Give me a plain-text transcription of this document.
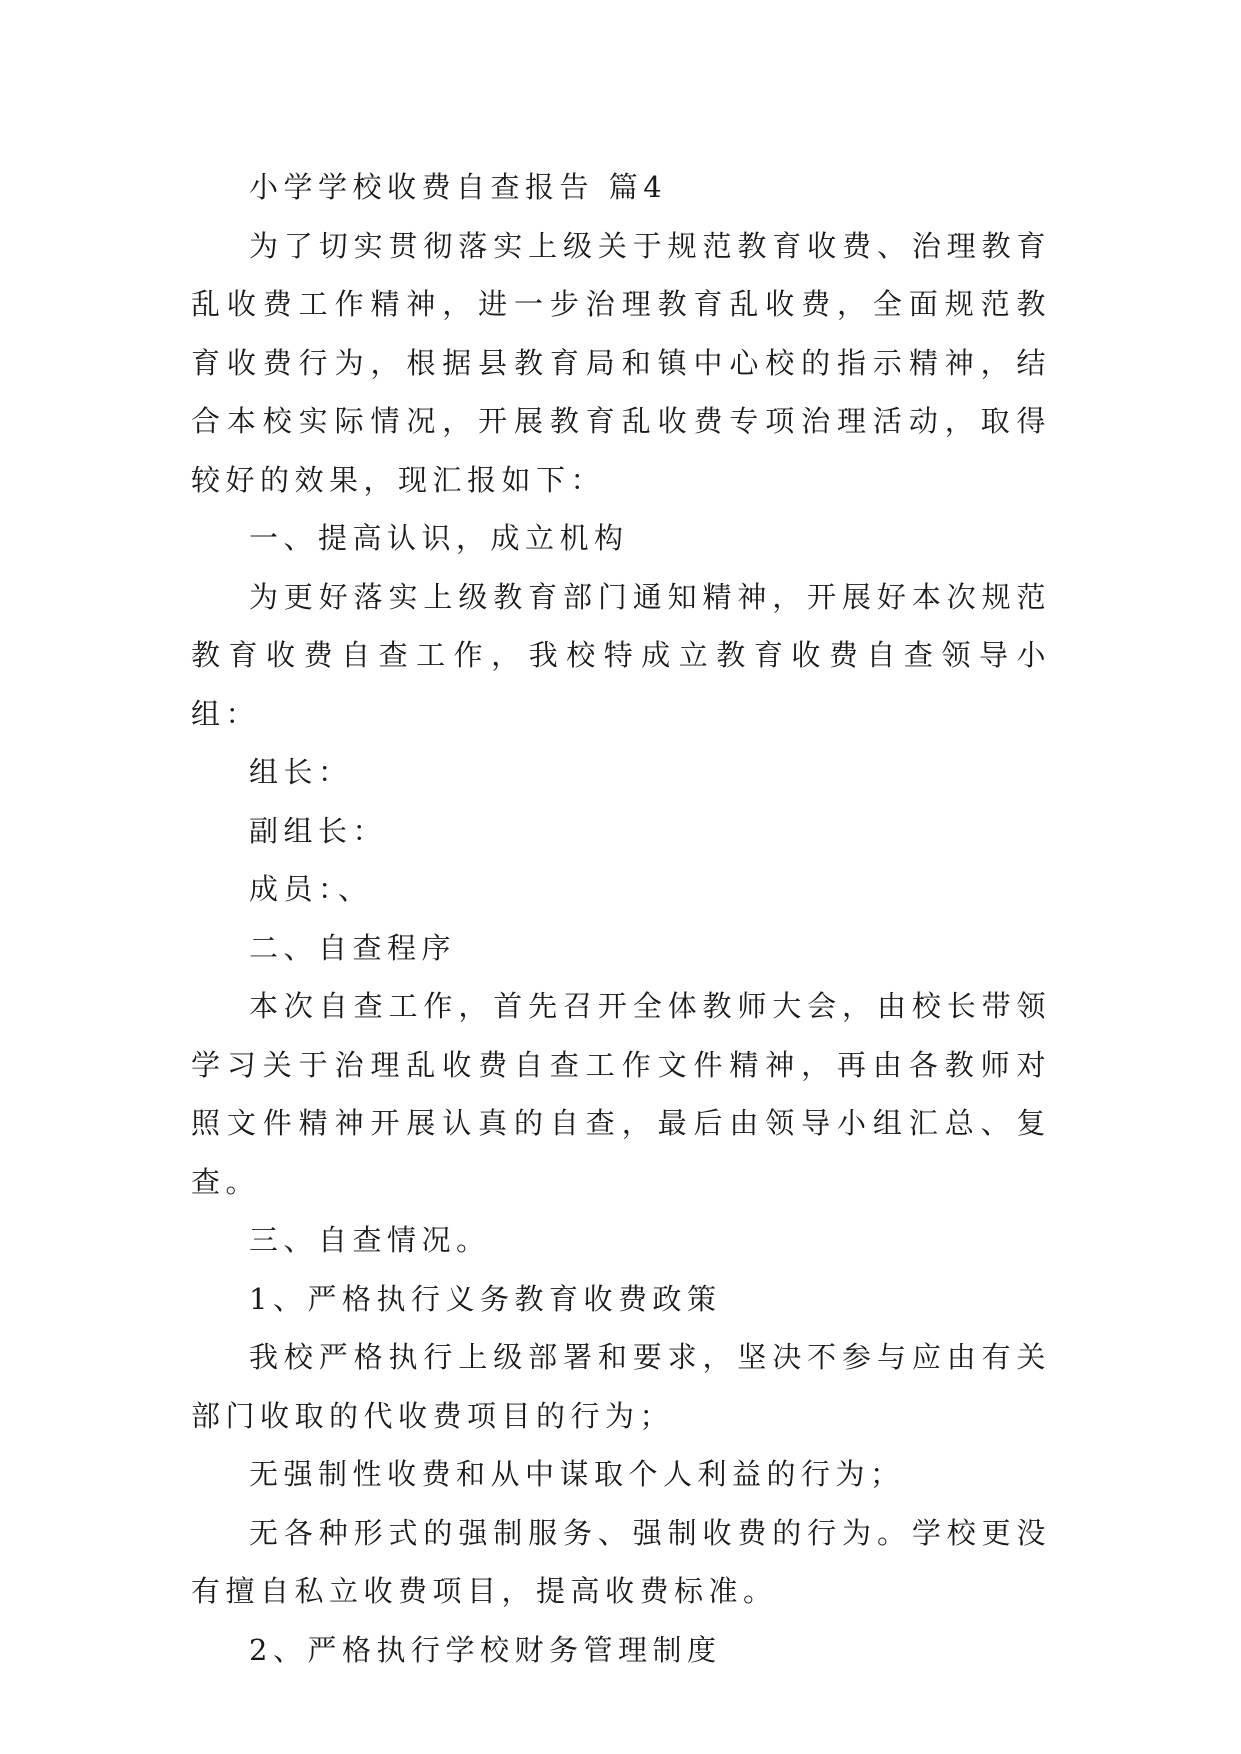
小学学校收费自查报告 篇4

为了切实贯彻落实上级关于规范教育收费、治理教育乱收费工作精神，进一步治理教育乱收费，全面规范教育收费行为，根据县教育局和镇中心校的指示精神，结合本校实际情况，开展教育乱收费专项治理活动，取得较好的效果，现汇报如下：

一、提高认识，成立机构

为更好落实上级教育部门通知精神，开展好本次规范教育收费自查工作，我校特成立教育收费自查领导小组：

组长：

副组长：

成员：、

二、自查程序

本次自查工作，首先召开全体教师大会，由校长带领学习关于治理乱收费自查工作文件精神，再由各教师对照文件精神开展认真的自查，最后由领导小组汇总、复查。

三、自查情况。

1、严格执行义务教育收费政策

我校严格执行上级部署和要求，坚决不参与应由有关部门收取的代收费项目的行为；

无强制性收费和从中谋取个人利益的行为；

无各种形式的强制服务、强制收费的行为。学校更没有擅自私立收费项目，提高收费标准。

2、严格执行学校财务管理制度
